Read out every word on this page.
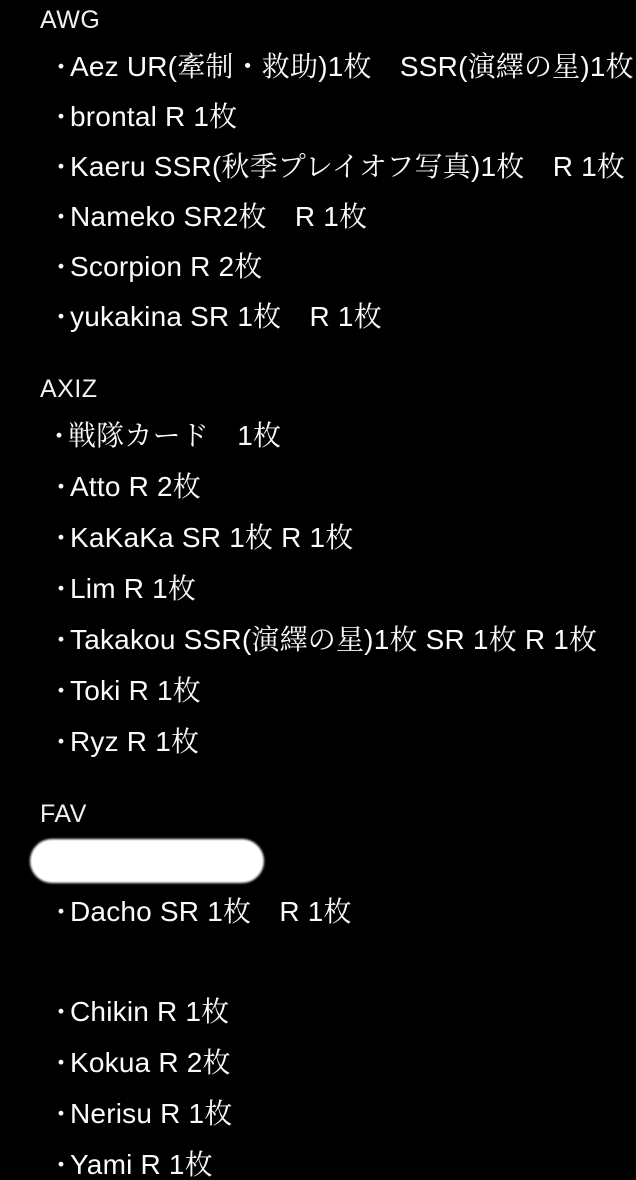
AWG
・
Aez UR(牽制・救助)1枚　SSR(演繹の星)1枚
・
brontal R 1枚
・
Kaeru SSR(秋季プレイオフ写真)1枚　R 1枚
・
Nameko SR2枚　R 1枚
・
Scorpion R 2枚
・
yukakina SR 1枚　R 1枚
AXIZ
・
戦隊カード　1枚
・
Atto R 2枚
・
KaKaKa SR 1枚 R 1枚
・
Lim R 1枚
・
Takakou SSR(演繹の星)1枚 SR 1枚 R 1枚
・
Toki R 1枚
・
Ryz R 1枚
FAV
・
Dacho SR 1枚　R 1枚
・
Chikin R 1枚
・
Kokua R 2枚
・
Nerisu R 1枚
・
Yami R 1枚
